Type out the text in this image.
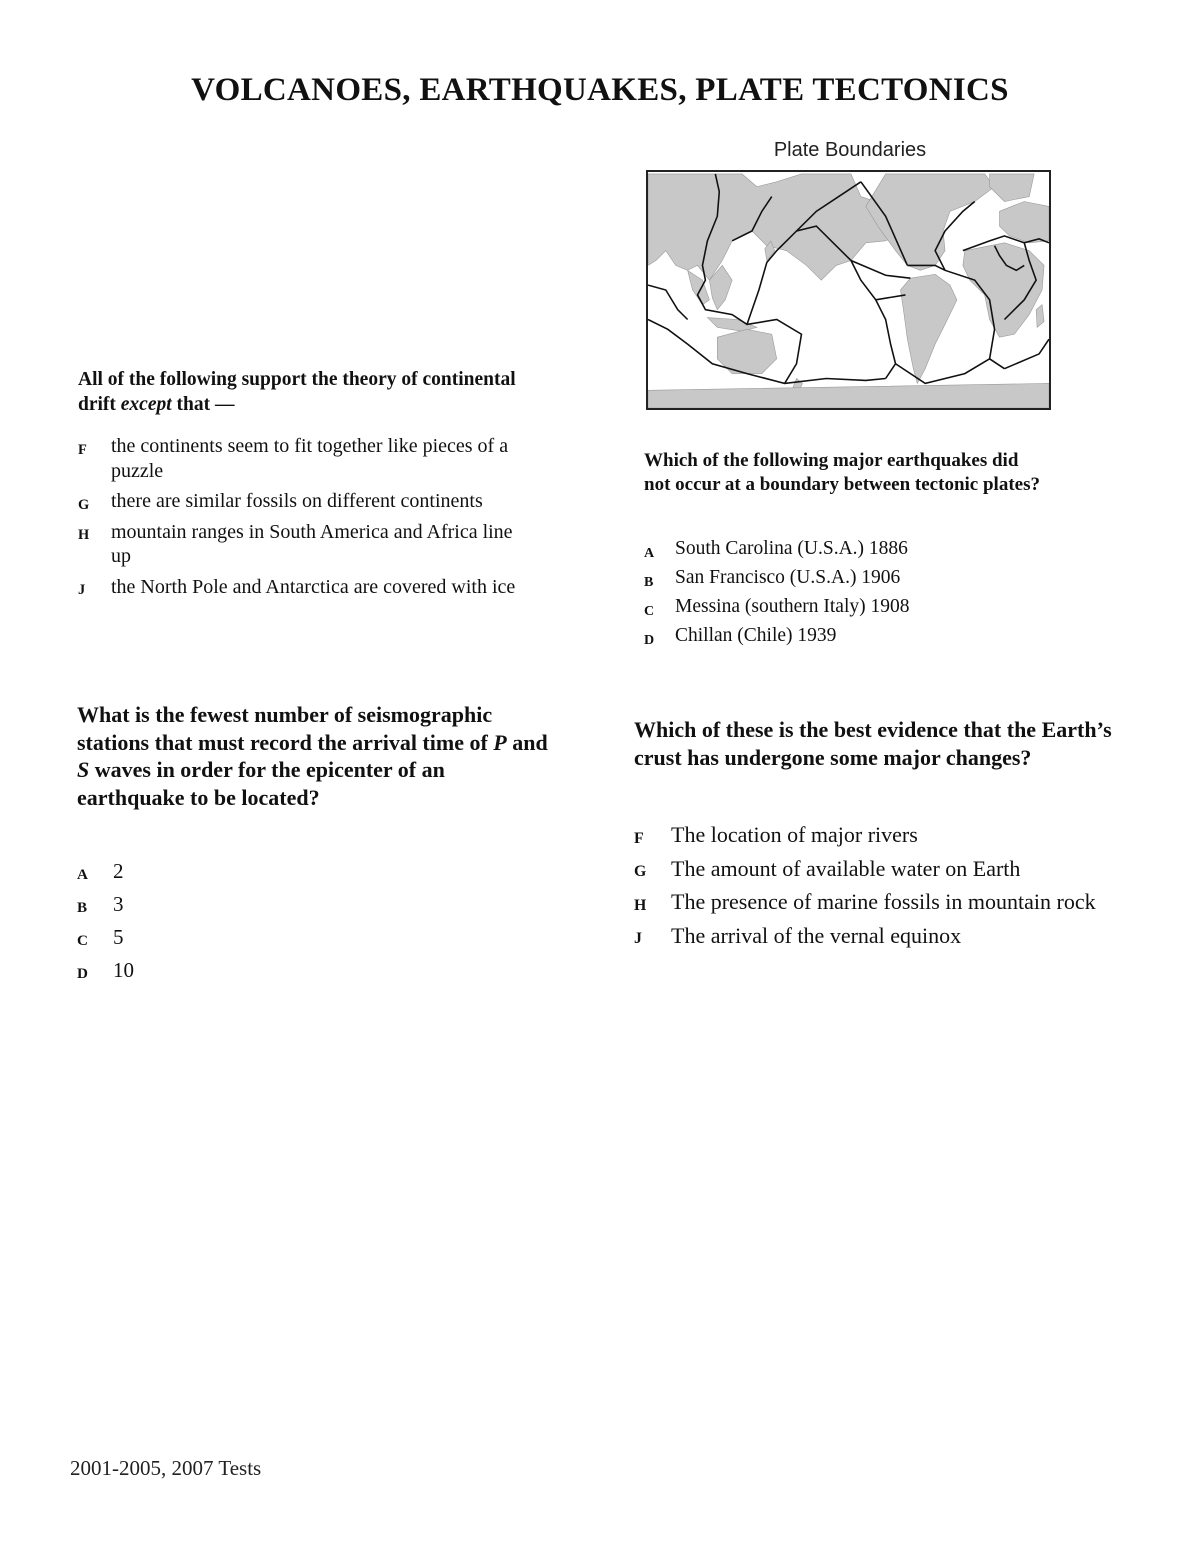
VOLCANOES, EARTHQUAKES, PLATE TECTONICS
Plate Boundaries
All of the following support the theory of continental drift except that —
F the continents seem to fit together like pieces of a puzzle
G there are similar fossils on different continents
H mountain ranges in South America and Africa line up
J the North Pole and Antarctica are covered with ice
Which of the following major earthquakes did not occur at a boundary between tectonic plates?
A South Carolina (U.S.A.) 1886
B San Francisco (U.S.A.) 1906
C Messina (southern Italy) 1908
D Chillan (Chile) 1939
What is the fewest number of seismographic stations that must record the arrival time of P and S waves in order for the epicenter of an earthquake to be located?
A 2
B 3
C 5
D 10
Which of these is the best evidence that the Earth’s crust has undergone some major changes?
F The location of major rivers
G The amount of available water on Earth
H The presence of marine fossils in mountain rock
J The arrival of the vernal equinox
2001-2005, 2007 Tests
